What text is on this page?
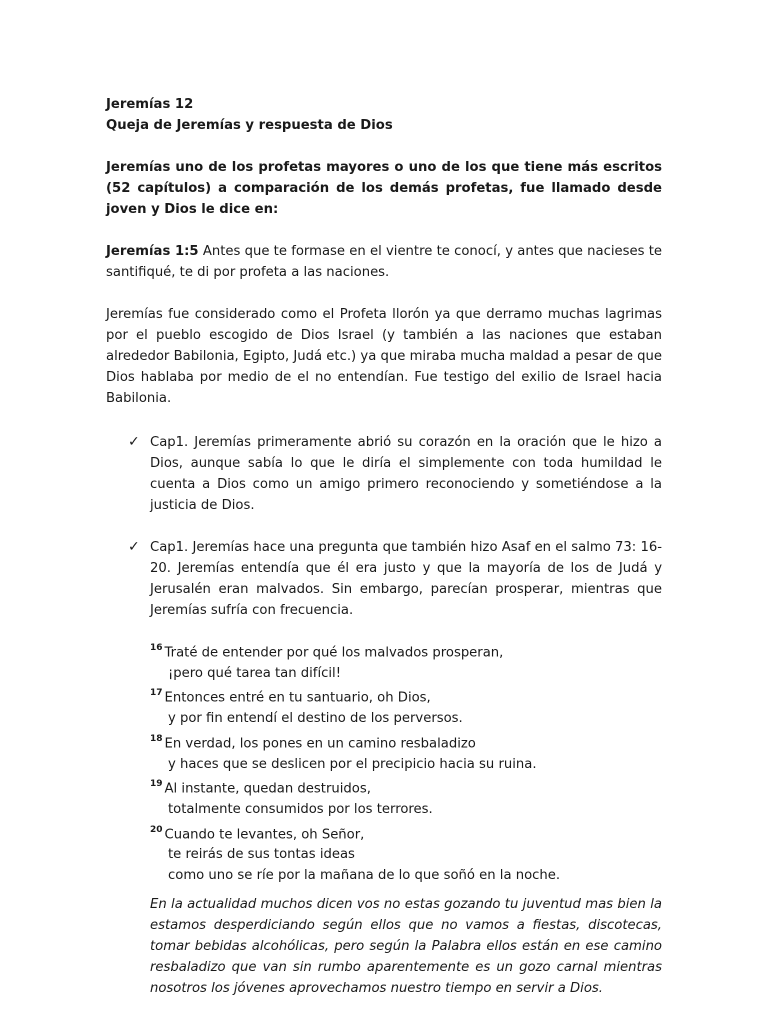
Jeremías 12

Queja de Jeremías y respuesta de Dios

Jeremías uno de los profetas mayores o uno de los que tiene más escritos (52 capítulos) a comparación de los demás profetas, fue llamado desde joven y Dios le dice en:

Jeremías 1:5 Antes que te formase en el vientre te conocí, y antes que nacieses te santifiqué, te di por profeta a las naciones.

Jeremías fue considerado como el Profeta llorón ya que derramo muchas lagrimas por el pueblo escogido de Dios Israel (y también a las naciones que estaban alrededor Babilonia, Egipto, Judá etc.) ya que miraba mucha maldad a pesar de que Dios hablaba por medio de el no entendían. Fue testigo del exilio de Israel hacia Babilonia.

✓ Cap1. Jeremías primeramente abrió su corazón en la oración que le hizo a Dios, aunque sabía lo que le diría el simplemente con toda humildad le cuenta a Dios como un amigo primero reconociendo y sometiéndose a la justicia de Dios.
✓ Cap1. Jeremías hace una pregunta que también hizo Asaf en el salmo 73: 16-20. Jeremías entendía que él era justo y que la mayoría de los de Judá y Jerusalén eran malvados. Sin embargo, parecían prosperar, mientras que Jeremías sufría con frecuencia.

$^{16}$ Traté de entender por qué los malvados prosperan,

¡pero qué tarea tan difícil!

$^{17}$ Entonces entré en tu santuario, oh Dios,

y por fin entendí el destino de los perversos.

$^{18}$ En verdad, los pones en un camino resbaladizo

y haces que se deslicen por el precipicio hacia su ruina.

$^{19}$ Al instante, quedan destruidos,

totalmente consumidos por los terrores.

$^{20}$ Cuando te levantes, oh Señor,

te reirás de sus tontas ideas

como uno se ríe por la mañana de lo que soñó en la noche.

En la actualidad muchos dicen vos no estas gozando tu juventud mas bien la estamos desperdiciando según ellos que no vamos a fiestas, discotecas, tomar bebidas alcohólicas, pero según la Palabra ellos están en ese camino resbaladizo que van sin rumbo aparentemente es un gozo carnal mientras nosotros los jóvenes aprovechamos nuestro tiempo en servir a Dios.
